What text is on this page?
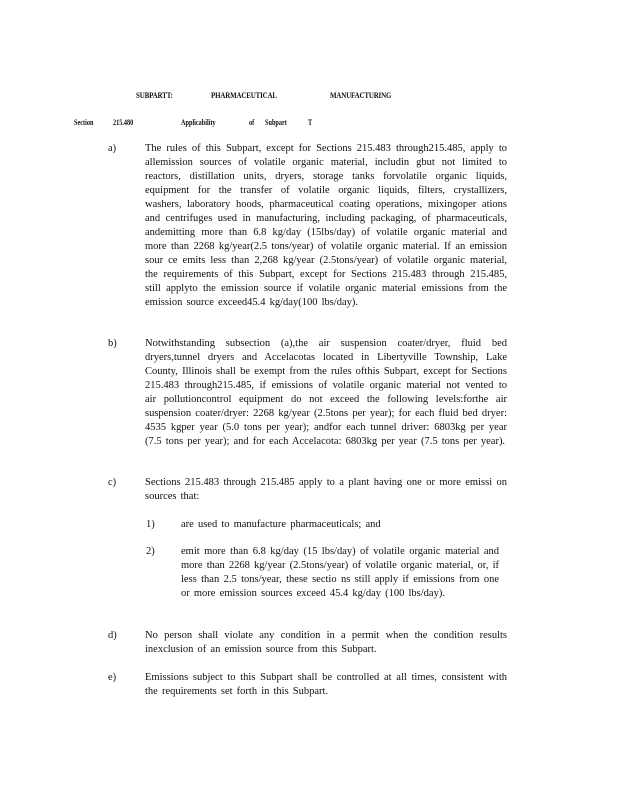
SUBPARTT:	PHARMACEUTICAL	MANUFACTURING
Section 215.480	Applicability	of Subpart	T
a)	The rules of this Subpart, except for Sections 215.483 through215.485, apply to allemission sources of volatile organic material, includin gbut not limited to reactors, distillation units, dryers, storage tanks forvolatile organic liquids, equipment for the transfer of volatile organic liquids, filters, crystallizers, washers, laboratory hoods, pharmaceutical coating operations, mixingoper ations and centrifuges used in manufacturing, including packaging, of pharmaceuticals, andemitting more than 6.8 kg/day (15lbs/day) of volatile organic material and more than 2268 kg/year(2.5 tons/year) of volatile organic material. If an emission sour ce emits less than 2,268 kg/year (2.5tons/year) of volatile organic material, the requirements of this Subpart, except for Sections 215.483 through 215.485, still applyto the emission source if volatile organic material emissions from the emission source exceed45.4 kg/day(100 lbs/day).
b)	Notwithstanding subsection (a),the air suspension coater/dryer, fluid bed dryers,tunnel dryers and Accelacotas located in Libertyville Township, Lake County, Illinois shall be exempt from the rules ofthis Subpart, except for Sections 215.483 through215.485, if emissions of volatile organic material not vented to air pollutioncontrol equipment do not exceed the following levels:forthe air suspension coater/dryer: 2268 kg/year (2.5tons per year); for each fluid bed dryer: 4535 kgper year (5.0 tons per year); andfor each tunnel driver: 6803kg per year (7.5 tons per year); and for each Accelacota: 6803kg per year (7.5 tons per year).
c)	Sections 215.483 through 215.485 apply to a plant having one or more emissi on sources that:
1)	are used to manufacture pharmaceuticals; and
2)	emit more than 6.8 kg/day (15 lbs/day) of volatile organic material and more than 2268 kg/year (2.5tons/year) of volatile organic material, or, if less than 2.5 tons/year, these sectio ns still apply if emissions from one or more emission sources exceed 45.4 kg/day (100 lbs/day).
d)	No person shall violate any condition in a permit when the condition results inexclusion of an emission source from this Subpart.
e)	Emissions subject to this Subpart shall be controlled at all times, consistent with the requirements set forth in this Subpart.
